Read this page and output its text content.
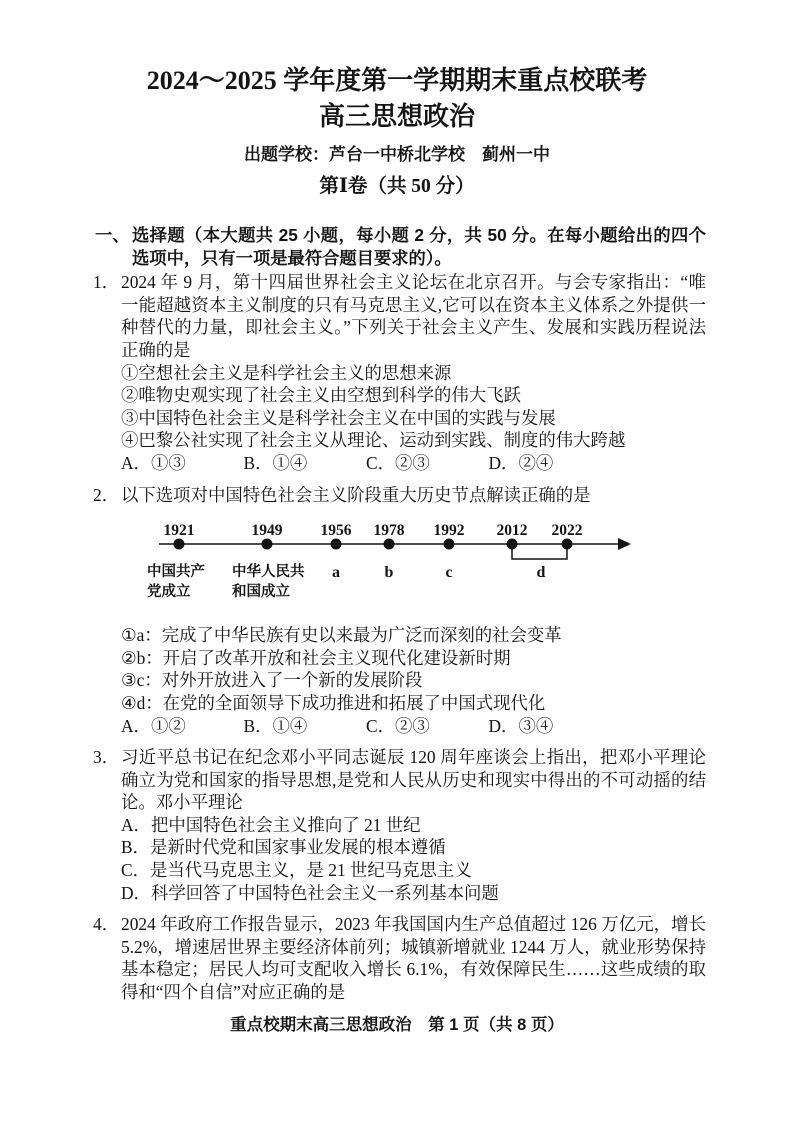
2024～2025 学年度第一学期期末重点校联考
高三思想政治
出题学校：芦台一中桥北学校　蓟州一中
第Ⅰ卷（共 50 分）
一、 选择题（本大题共 25 小题，每小题 2 分，共 50 分。在每小题给出的四个选项中，只有一项是最符合题目要求的）。
1． 2024 年 9 月，第十四届世界社会主义论坛在北京召开。与会专家指出：“唯一能超越资本主义制度的只有马克思主义,它可以在资本主义体系之外提供一种替代的力量，即社会主义。”下列关于社会主义产生、发展和实践历程说法正确的是
①空想社会主义是科学社会主义的思想来源
②唯物史观实现了社会主义由空想到科学的伟大飞跃
③中国特色社会主义是科学社会主义在中国的实践与发展
④巴黎公社实现了社会主义从理论、运动到实践、制度的伟大跨越
A．①③	B．①④	C．②③	D．②④
2． 以下选项对中国特色社会主义阶段重大历史节点解读正确的是
1921	1949 1956 1978 1992 2012 2022
中国共产
党成立
中华人民共
和国成立
a	b	c	d
①a：完成了中华民族有史以来最为广泛而深刻的社会变革
②b：开启了改革开放和社会主义现代化建设新时期
③c：对外开放进入了一个新的发展阶段
④d：在党的全面领导下成功推进和拓展了中国式现代化
A．①②	B．①④	C．②③	D．③④
3． 习近平总书记在纪念邓小平同志诞辰 120 周年座谈会上指出，把邓小平理论确立为党和国家的指导思想,是党和人民从历史和现实中得出的不可动摇的结论。邓小平理论
A．把中国特色社会主义推向了 21 世纪
B．是新时代党和国家事业发展的根本遵循
C．是当代马克思主义，是 21 世纪马克思主义
D．科学回答了中国特色社会主义一系列基本问题
4． 2024 年政府工作报告显示，2023 年我国国内生产总值超过 126 万亿元，增长 5.2%，增速居世界主要经济体前列；城镇新增就业 1244 万人，就业形势保持基本稳定；居民人均可支配收入增长 6.1%，有效保障民生……这些成绩的取得和“四个自信”对应正确的是
重点校期末高三思想政治　第 1 页（共 8 页）
